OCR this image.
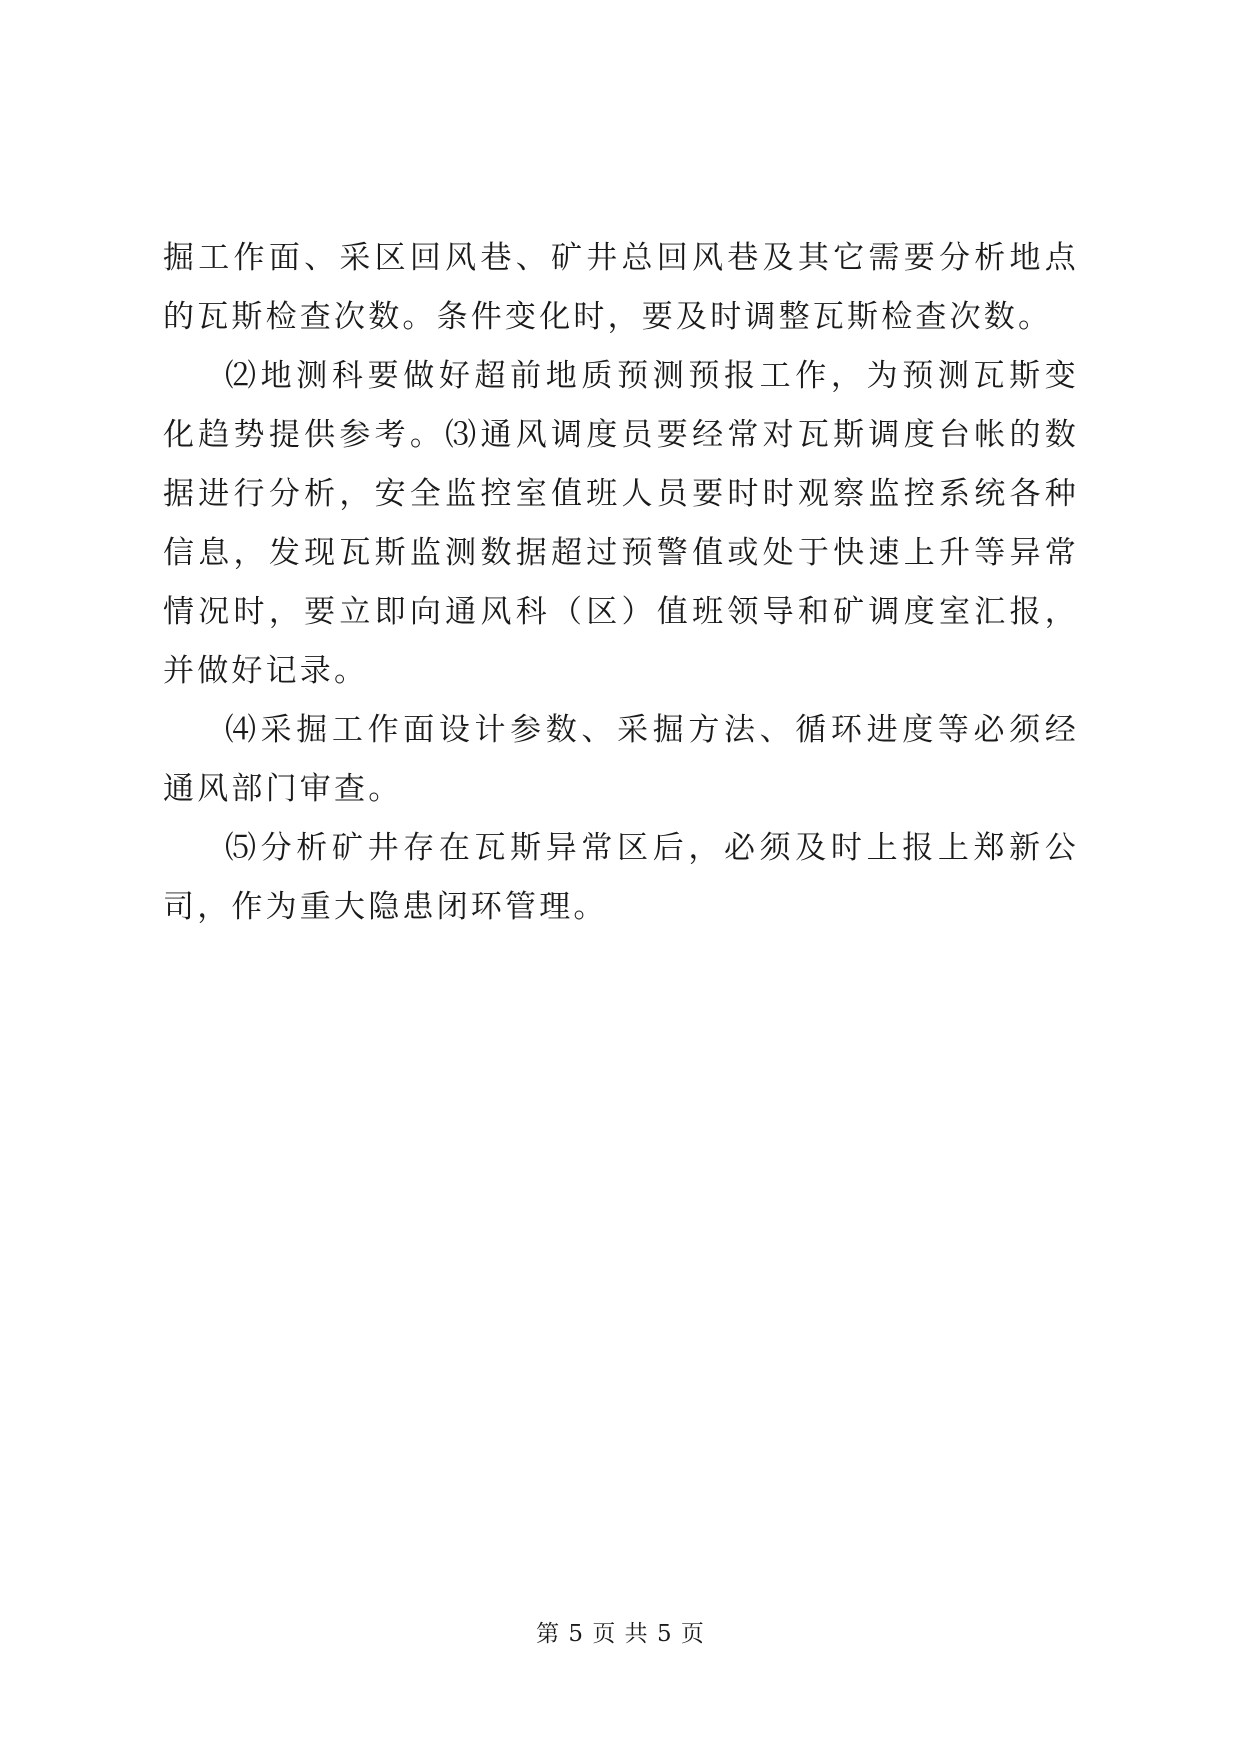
掘工作面、采区回风巷、矿井总回风巷及其它需要分析地点的瓦斯检查次数。条件变化时，要及时调整瓦斯检查次数。

⑵地测科要做好超前地质预测预报工作，为预测瓦斯变化趋势提供参考。⑶通风调度员要经常对瓦斯调度台帐的数据进行分析，安全监控室值班人员要时时观察监控系统各种信息，发现瓦斯监测数据超过预警值或处于快速上升等异常情况时，要立即向通风科（区）值班领导和矿调度室汇报，并做好记录。

⑷采掘工作面设计参数、采掘方法、循环进度等必须经通风部门审查。

⑸分析矿井存在瓦斯异常区后，必须及时上报上郑新公司，作为重大隐患闭环管理。

第 5 页 共 5 页
